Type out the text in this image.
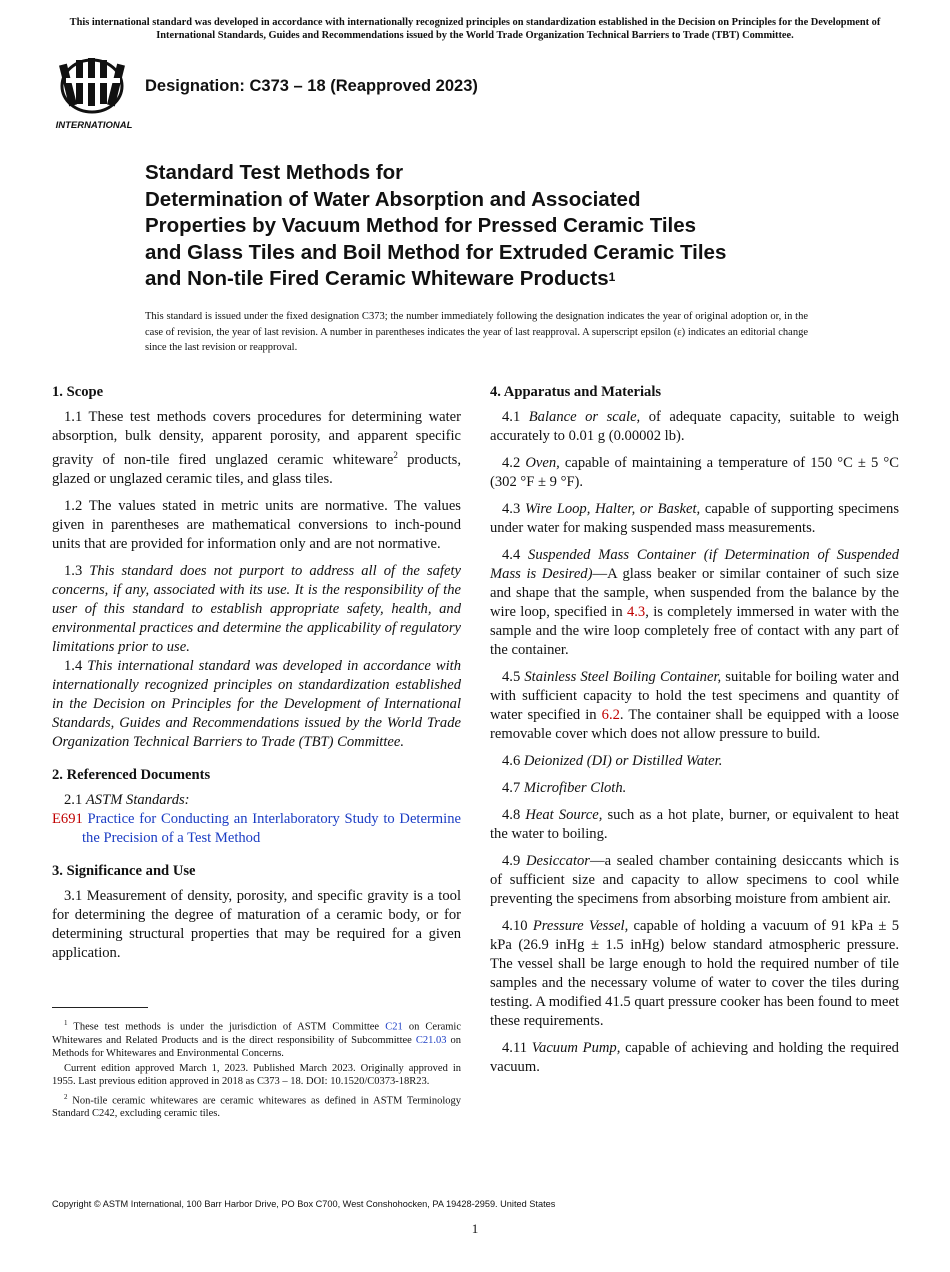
This international standard was developed in accordance with internationally recognized principles on standardization established in the Decision on Principles for the Development of International Standards, Guides and Recommendations issued by the World Trade Organization Technical Barriers to Trade (TBT) Committee.
INTERNATIONAL
Designation: C373 – 18 (Reapproved 2023)
Standard Test Methods for
Determination of Water Absorption and Associated
Properties by Vacuum Method for Pressed Ceramic Tiles
and Glass Tiles and Boil Method for Extruded Ceramic Tiles
and Non-tile Fired Ceramic Whiteware Products$^1$
This standard is issued under the fixed designation C373; the number immediately following the designation indicates the year of original adoption or, in the case of revision, the year of last revision. A number in parentheses indicates the year of last reapproval. A superscript epsilon (ε) indicates an editorial change since the last revision or reapproval.
1. Scope

1.1 These test methods covers procedures for determining water absorption, bulk density, apparent porosity, and apparent specific gravity of non-tile fired unglazed ceramic whiteware$^2$ products, glazed or unglazed ceramic tiles, and glass tiles.

1.2 The values stated in metric units are normative. The values given in parentheses are mathematical conversions to inch-pound units that are provided for information only and are not normative.

1.3 This standard does not purport to address all of the safety concerns, if any, associated with its use. It is the responsibility of the user of this standard to establish appropriate safety, health, and environmental practices and determine the applicability of regulatory limitations prior to use.

1.4 This international standard was developed in accordance with internationally recognized principles on standardization established in the Decision on Principles for the Development of International Standards, Guides and Recommendations issued by the World Trade Organization Technical Barriers to Trade (TBT) Committee.

2. Referenced Documents

2.1 ASTM Standards:

E691 Practice for Conducting an Interlaboratory Study to Determine the Precision of a Test Method

3. Significance and Use

3.1 Measurement of density, porosity, and specific gravity is a tool for determining the degree of maturation of a ceramic body, or for determining structural properties that may be required for a given application.

4. Apparatus and Materials

4.1 Balance or scale, of adequate capacity, suitable to weigh accurately to 0.01 g (0.00002 lb).

4.2 Oven, capable of maintaining a temperature of 150 °C ± 5 °C (302 °F ± 9 °F).

4.3 Wire Loop, Halter, or Basket, capable of supporting specimens under water for making suspended mass measurements.

4.4 Suspended Mass Container (if Determination of Suspended Mass is Desired)—A glass beaker or similar container of such size and shape that the sample, when suspended from the balance by the wire loop, specified in 4.3, is completely immersed in water with the sample and the wire loop completely free of contact with any part of the container.

4.5 Stainless Steel Boiling Container, suitable for boiling water and with sufficient capacity to hold the test specimens and quantity of water specified in 6.2. The container shall be equipped with a loose removable cover which does not allow pressure to build.

4.6 Deionized (DI) or Distilled Water.

4.7 Microfiber Cloth.

4.8 Heat Source, such as a hot plate, burner, or equivalent to heat the water to boiling.

4.9 Desiccator—a sealed chamber containing desiccants which is of sufficient size and capacity to allow specimens to cool while preventing the specimens from absorbing moisture from ambient air.

4.10 Pressure Vessel, capable of holding a vacuum of 91 kPa ± 5 kPa (26.9 inHg ± 1.5 inHg) below standard atmospheric pressure. The vessel shall be large enough to hold the required number of tile samples and the necessary volume of water to cover the tiles during testing. A modified 41.5 quart pressure cooker has been found to meet these requirements.

4.11 Vacuum Pump, capable of achieving and holding the required vacuum.

$^1$ These test methods is under the jurisdiction of ASTM Committee C21 on Ceramic Whitewares and Related Products and is the direct responsibility of Subcommittee C21.03 on Methods for Whitewares and Environmental Concerns.

Current edition approved March 1, 2023. Published March 2023. Originally approved in 1955. Last previous edition approved in 2018 as C373 – 18. DOI: 10.1520/C0373-18R23.

$^2$ Non-tile ceramic whitewares are ceramic whitewares as defined in ASTM Terminology Standard C242, excluding ceramic tiles.

Copyright © ASTM International, 100 Barr Harbor Drive, PO Box C700, West Conshohocken, PA 19428-2959. United States
1
